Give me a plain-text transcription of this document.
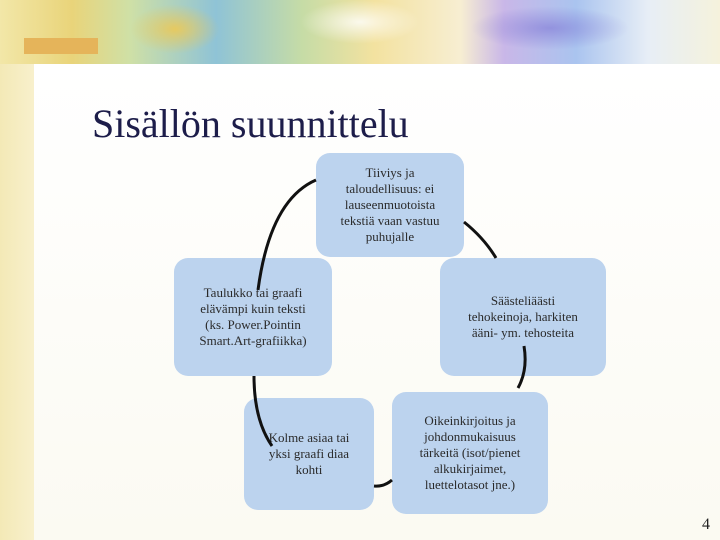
Sisällön suunnittelu
Tiiviys ja
taloudellisuus: ei
lauseenmuotoista
tekstiä vaan vastuu
puhujalle
Säästeliäästi
tehokeinoja, harkiten
ääni- ym. tehosteita
Oikeinkirjoitus ja
johdonmukaisuus
tärkeitä (isot/pienet
alkukirjaimet,
luettelotasot jne.)
Kolme asiaa tai
yksi graafi diaa
kohti
Taulukko tai graafi
elävämpi kuin teksti
(ks. Power.Pointin
Smart.Art-grafiikka)
4
